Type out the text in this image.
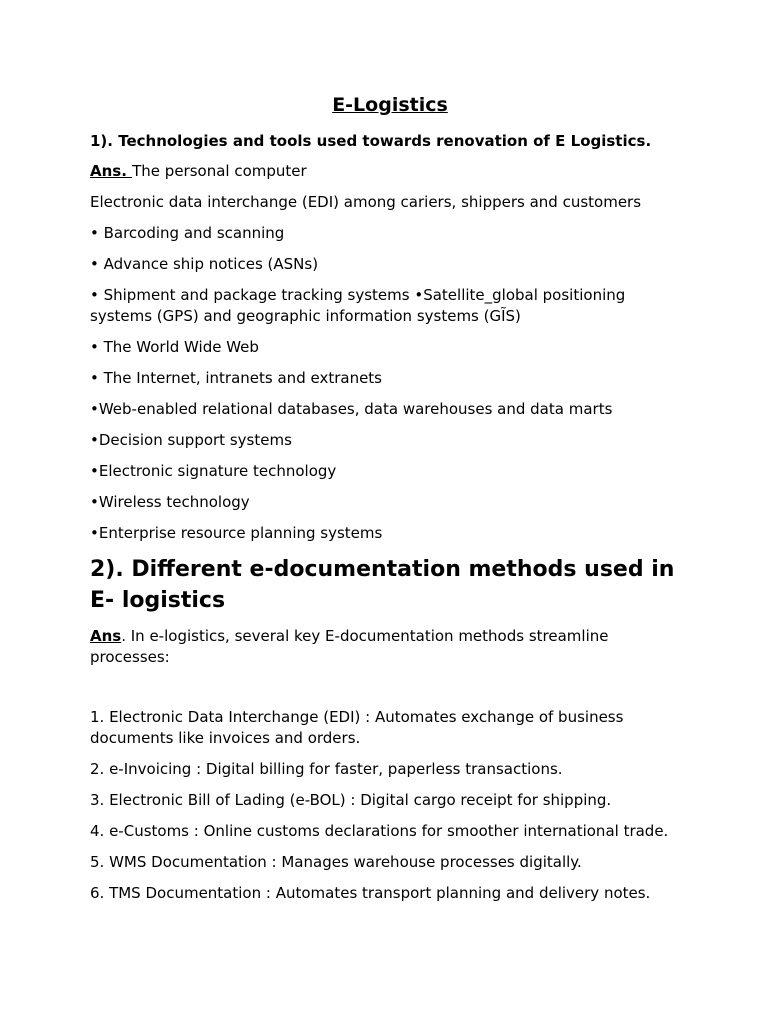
E-Logistics
1). Technologies and tools used towards renovation of E Logistics.
Ans. The personal computer
Electronic data interchange (EDI) among cariers, shippers and customers
• Barcoding and scanning
• Advance ship notices (ASNs)
• Shipment and package tracking systems •Satellite_global positioning systems (GPS) and geographic information systems (GĨS)
• The World Wide Web
• The Internet, intranets and extranets
•Web-enabled relational databases, data warehouses and data marts
•Decision support systems
•Electronic signature technology
•Wireless technology
•Enterprise resource planning systems
2). Different e-documentation methods used in E- logistics
Ans. In e-logistics, several key E-documentation methods streamline processes:
1. Electronic Data Interchange (EDI) : Automates exchange of business documents like invoices and orders.
2. e-Invoicing : Digital billing for faster, paperless transactions.
3. Electronic Bill of Lading (e-BOL) : Digital cargo receipt for shipping.
4. e-Customs : Online customs declarations for smoother international trade.
5. WMS Documentation : Manages warehouse processes digitally.
6. TMS Documentation : Automates transport planning and delivery notes.
